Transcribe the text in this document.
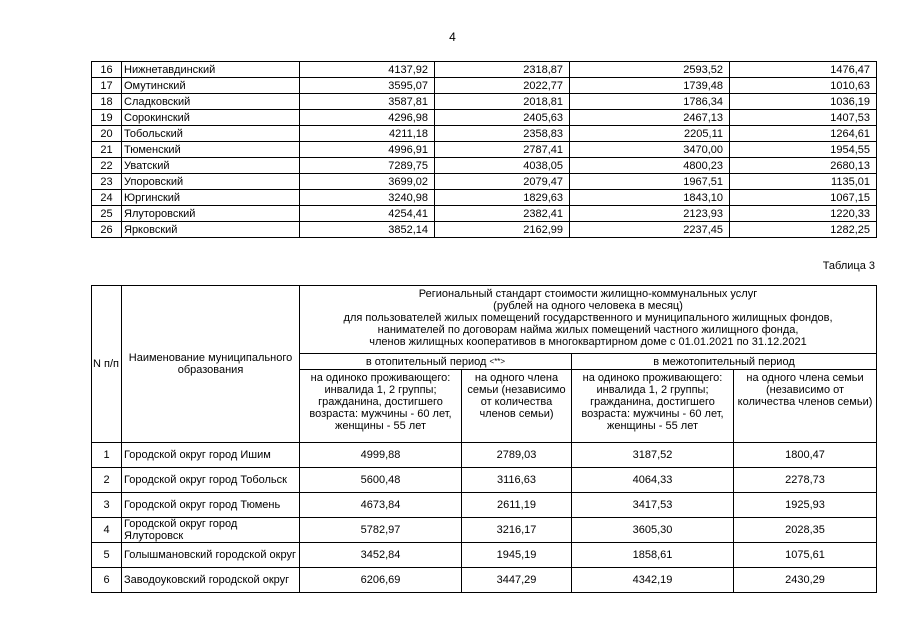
4
16	Нижнетавдинский	4137,92	2318,87	2593,52	1476,47
17	Омутинский	3595,07	2022,77	1739,48	1010,63
18	Сладковский	3587,81	2018,81	1786,34	1036,19
19	Сорокинский	4296,98	2405,63	2467,13	1407,53
20	Тобольский	4211,18	2358,83	2205,11	1264,61
21	Тюменский	4996,91	2787,41	3470,00	1954,55
22	Уватский	7289,75	4038,05	4800,23	2680,13
23	Упоровский	3699,02	2079,47	1967,51	1135,01
24	Юргинский	3240,98	1829,63	1843,10	1067,15
25	Ялуторовский	4254,41	2382,41	2123,93	1220,33
26	Ярковский	3852,14	2162,99	2237,45	1282,25
Таблица 3
N п/п	Наименование муниципального образования	Региональный стандарт стоимости жилищно-коммунальных услуг
(рублей на одного человека в месяц)
для пользователей жилых помещений государственного и муниципального жилищных фондов,
нанимателей по договорам найма жилых помещений частного жилищного фонда,
членов жилищных кооперативов в многоквартирном доме с 01.01.2021 по 31.12.2021			

		в отопительный период <**>		в межотопительный период	
		на одиноко проживающего: инвалида 1, 2 группы; гражданина, достигшего возраста: мужчины - 60 лет, женщины - 55 лет	на одного члена семьи (независимо от количества членов семьи)	на одиноко проживающего: инвалида 1, 2 группы; гражданина, достигшего возраста: мужчины - 60 лет, женщины - 55 лет	на одного члена семьи (независимо от количества членов семьи)
1	Городской округ город Ишим	4999,88	2789,03	3187,52	1800,47
2	Городской округ город Тобольск	5600,48	3116,63	4064,33	2278,73
3	Городской округ город Тюмень	4673,84	2611,19	3417,53	1925,93
4	Городской округ город Ялуторовск	5782,97	3216,17	3605,30	2028,35
5	Голышмановский городской округ	3452,84	1945,19	1858,61	1075,61
6	Заводоуковский городской округ	6206,69	3447,29	4342,19	2430,29
